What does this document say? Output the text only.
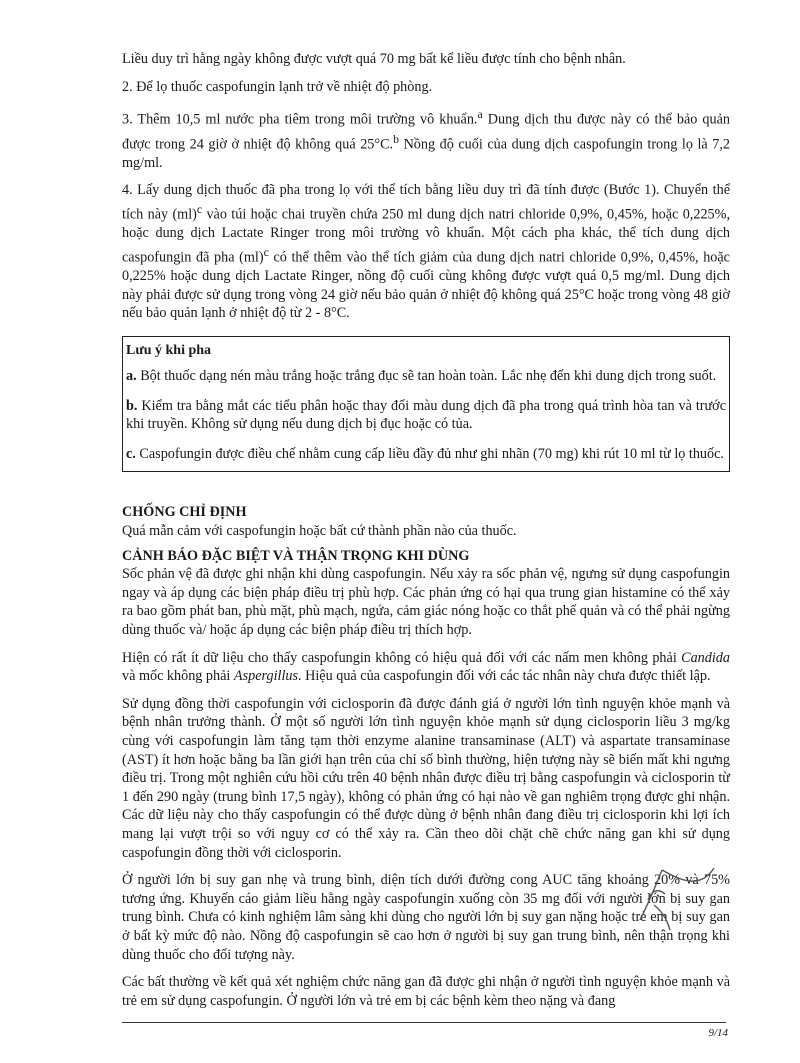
Liều duy trì hằng ngày không được vượt quá 70 mg bất kể liều được tính cho bệnh nhân.

2. Để lọ thuốc caspofungin lạnh trở về nhiệt độ phòng.

3. Thêm 10,5 ml nước pha tiêm trong môi trường vô khuẩn.$^a$ Dung dịch thu được này có thể bảo quản được trong 24 giờ ở nhiệt độ không quá 25°C.$^b$ Nồng độ cuối của dung dịch caspofungin trong lọ là 7,2 mg/ml.

4. Lấy dung dịch thuốc đã pha trong lọ với thể tích bằng liều duy trì đã tính được (Bước 1). Chuyển thể tích này (ml)$^c$ vào túi hoặc chai truyền chứa 250 ml dung dịch natri chloride 0,9%, 0,45%, hoặc 0,225%, hoặc dung dịch Lactate Ringer trong môi trường vô khuẩn. Một cách pha khác, thể tích dung dịch caspofungin đã pha (ml)$^c$ có thể thêm vào thể tích giảm của dung dịch natri chloride 0,9%, 0,45%, hoặc 0,225% hoặc dung dịch Lactate Ringer, nồng độ cuối cùng không được vượt quá 0,5 mg/ml. Dung dịch này phải được sử dụng trong vòng 24 giờ nếu bảo quản ở nhiệt độ không quá 25°C hoặc trong vòng 48 giờ nếu bảo quản lạnh ở nhiệt độ từ 2 - 8°C.

Lưu ý khi pha

a. Bột thuốc dạng nén màu trắng hoặc trắng đục sẽ tan hoàn toàn. Lắc nhẹ đến khi dung dịch trong suốt.

b. Kiểm tra bằng mắt các tiểu phân hoặc thay đổi màu dung dịch đã pha trong quá trình hòa tan và trước khi truyền. Không sử dụng nếu dung dịch bị đục hoặc có tủa.

c. Caspofungin được điều chế nhằm cung cấp liều đầy đủ như ghi nhãn (70 mg) khi rút 10 ml từ lọ thuốc.

CHỐNG CHỈ ĐỊNH

Quá mẫn cảm với caspofungin hoặc bất cứ thành phần nào của thuốc.

CẢNH BÁO ĐẶC BIỆT VÀ THẬN TRỌNG KHI DÙNG

Sốc phản vệ đã được ghi nhận khi dùng caspofungin. Nếu xảy ra sốc phản vệ, ngưng sử dụng caspofungin ngay và áp dụng các biện pháp điều trị phù hợp. Các phản ứng có hại qua trung gian histamine có thể xảy ra bao gồm phát ban, phù mặt, phù mạch, ngứa, cảm giác nóng hoặc co thắt phế quản và có thể phải ngừng dùng thuốc và/ hoặc áp dụng các biện pháp điều trị thích hợp.

Hiện có rất ít dữ liệu cho thấy caspofungin không có hiệu quả đối với các nấm men không phải Candida và mốc không phải Aspergillus. Hiệu quả của caspofungin đối với các tác nhân này chưa được thiết lập.

Sử dụng đồng thời caspofungin với ciclosporin đã được đánh giá ở người lớn tình nguyện khỏe mạnh và bệnh nhân trưởng thành. Ở một số người lớn tình nguyện khỏe mạnh sử dụng ciclosporin liều 3 mg/kg cùng với caspofungin làm tăng tạm thời enzyme alanine transaminase (ALT) và aspartate transaminase (AST) ít hơn hoặc bằng ba lần giới hạn trên của chỉ số bình thường, hiện tượng này sẽ biến mất khi ngưng điều trị. Trong một nghiên cứu hồi cứu trên 40 bệnh nhân được điều trị bằng caspofungin và ciclosporin từ 1 đến 290 ngày (trung bình 17,5 ngày), không có phản ứng có hại nào về gan nghiêm trọng được ghi nhận. Các dữ liệu này cho thấy caspofungin có thể được dùng ở bệnh nhân đang điều trị ciclosporin khi lợi ích mang lại vượt trội so với nguy cơ có thể xảy ra. Cần theo dõi chặt chẽ chức năng gan khi sử dụng caspofungin đồng thời với ciclosporin.

Ở người lớn bị suy gan nhẹ và trung bình, diện tích dưới đường cong AUC tăng khoảng 20% và 75% tương ứng. Khuyến cáo giảm liều hằng ngày caspofungin xuống còn 35 mg đối với người lớn bị suy gan trung bình. Chưa có kinh nghiệm lâm sàng khi dùng cho người lớn bị suy gan nặng hoặc trẻ em bị suy gan ở bất kỳ mức độ nào. Nồng độ caspofungin sẽ cao hơn ở người bị suy gan trung bình, nên thận trọng khi dùng thuốc cho đối tượng này.

Các bất thường về kết quả xét nghiệm chức năng gan đã được ghi nhận ở người tình nguyện khỏe mạnh và trẻ em sử dụng caspofungin. Ở người lớn và trẻ em bị các bệnh kèm theo nặng và đang

9/14
